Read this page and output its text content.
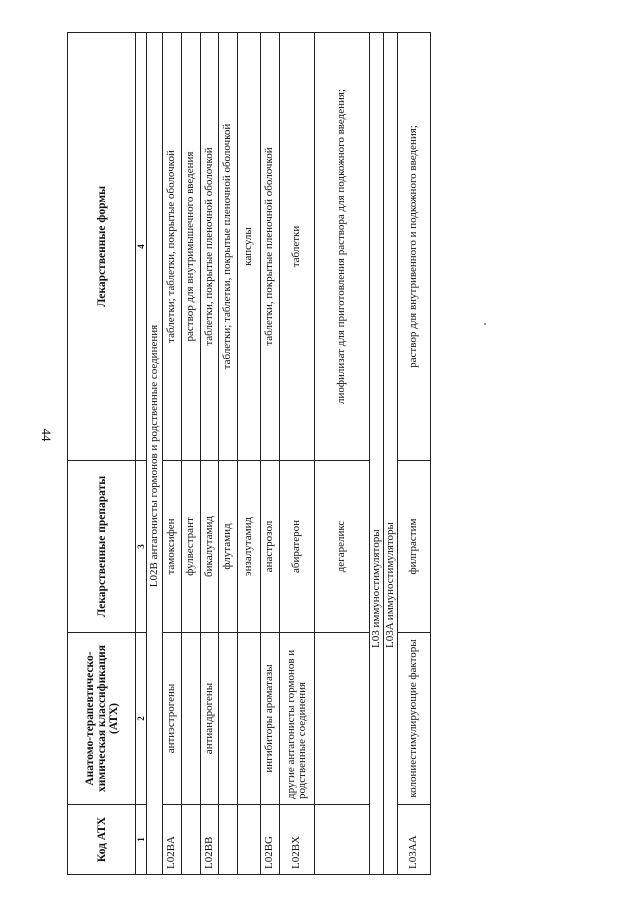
44
Код АТХ	Анатомо-терапевтическо-химическая классификация (АТХ)	Лекарственные препараты	Лекарственные формы
1	2	3	4
L02B антагонисты гормонов и родственные соединения			
L02BA	антиэстрогены	тамоксифен	таблетки; таблетки, покрытые оболочкой
		фулвестрант	раствор для внутримышечного введения
L02BB	антиандрогены	бикалутамид	таблетки, покрытые пленочной оболочкой
		флутамид	таблетки; таблетки, покрытые пленочной оболочкой
		энзалутамид	капсулы
L02BG	ингибиторы ароматазы	анастрозол	таблетки, покрытые пленочной оболочкой
L02BX	другие антагонисты гормонов и родственные соединения	абиратерон	таблетки
		дегареликс	лиофилизат для приготовления раствора для подкожного введения;
L03 иммуностимуляторы			
L03A иммуностимуляторы			
L03AA	колониестимулирующие факторы	филграстим	раствор для внутривенного и подкожного введения;
